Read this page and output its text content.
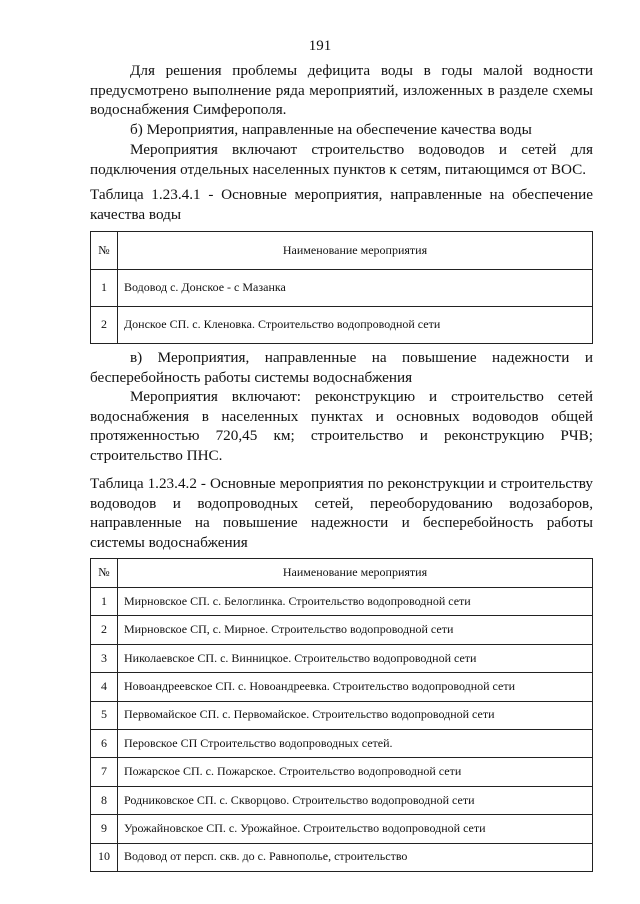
191

Для решения проблемы дефицита воды в годы малой водности предусмотрено выполнение ряда мероприятий, изложенных в разделе схемы водоснабжения Симферополя.

б) Мероприятия, направленные на обеспечение качества воды

Мероприятия включают строительство водоводов и сетей для подключения отдельных населенных пунктов к сетям, питающимся от ВОС.

Таблица 1.23.4.1 - Основные мероприятия, направленные на обеспечение качества воды

№	Наименование мероприятия
1	Водовод с. Донское - с Мазанка
2	Донское СП. с. Кленовка. Строительство водопроводной сети

в) Мероприятия, направленные на повышение надежности и бесперебойность работы системы водоснабжения

Мероприятия включают: реконструкцию и строительство сетей водоснабжения в населенных пунктах и основных водоводов общей протяженностью 720,45 км; строительство и реконструкцию РЧВ; строительство ПНС.

Таблица 1.23.4.2 - Основные мероприятия по реконструкции и строительству водоводов и водопроводных сетей, переоборудованию водозаборов, направленные на повышение надежности и бесперебойность работы системы водоснабжения

№	Наименование мероприятия
1	Мирновское СП. с. Белоглинка. Строительство водопроводной сети
2	Мирновское СП, с. Мирное. Строительство водопроводной сети
3	Николаевское СП. с. Винницкое. Строительство водопроводной сети
4	Новоандреевское СП. с. Новоандреевка. Строительство водопроводной сети
5	Первомайское СП. с. Первомайское. Строительство водопроводной сети
6	Перовское СП Строительство водопроводных сетей.
7	Пожарское СП. с. Пожарское. Строительство водопроводной сети
8	Родниковское СП. с. Скворцово. Строительство водопроводной сети
9	Урожайновское СП. с. Урожайное. Строительство водопроводной сети
10	Водовод от персп. скв. до с. Равнополье, строительство
